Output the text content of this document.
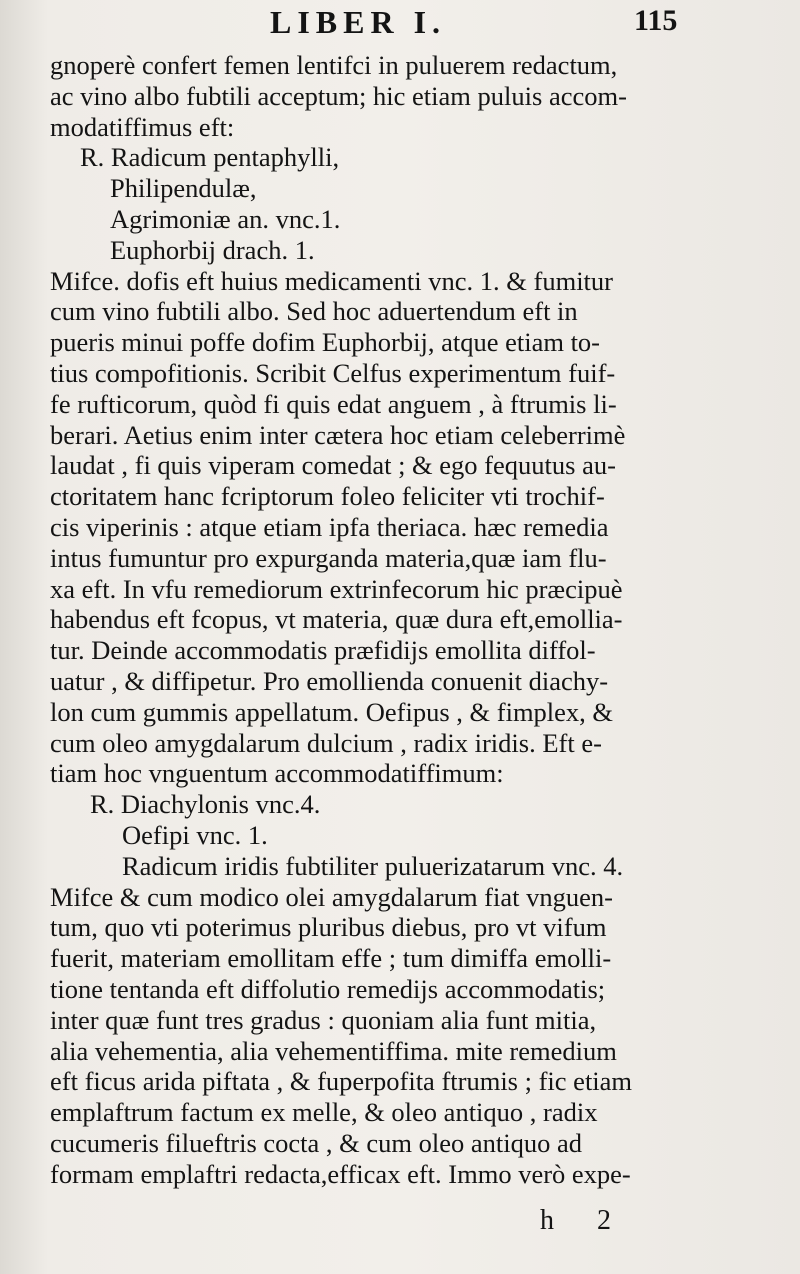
LIBER I.	115
gnoperè confert femen lentifci in puluerem redactum,
ac vino albo fubtili acceptum; hic etiam puluis accom-
modatiffimus eft:
R. Radicum pentaphylli,
Philipendulæ,
Agrimoniæ an. vnc.1.
Euphorbij drach. 1.
Mifce. dofis eft huius medicamenti vnc. 1. & fumitur
cum vino fubtili albo. Sed hoc aduertendum eft in
pueris minui poffe dofim Euphorbij, atque etiam to-
tius compofitionis. Scribit Celfus experimentum fuif-
fe rufticorum, quòd fi quis edat anguem , à ftrumis li-
berari. Aetius enim inter cætera hoc etiam celeberrimè
laudat , fi quis viperam comedat ; & ego fequutus au-
ctoritatem hanc fcriptorum foleo feliciter vti trochif-
cis viperinis : atque etiam ipfa theriaca. hæc remedia
intus fumuntur pro expurganda materia,quæ iam flu-
xa eft. In vfu remediorum extrinfecorum hic præcipuè
habendus eft fcopus, vt materia, quæ dura eft,emollia-
tur. Deinde accommodatis præfidijs emollita diffol-
uatur , & diffipetur. Pro emollienda conuenit diachy-
lon cum gummis appellatum. Oefipus , & fimplex, &
cum oleo amygdalarum dulcium , radix iridis. Eft e-
tiam hoc vnguentum accommodatiffimum:
R. Diachylonis vnc.4.
Oefipi vnc. 1.
Radicum iridis fubtiliter puluerizatarum vnc. 4.
Mifce & cum modico olei amygdalarum fiat vnguen-
tum, quo vti poterimus pluribus diebus, pro vt vifum
fuerit, materiam emollitam effe ; tum dimiffa emolli-
tione tentanda eft diffolutio remedijs accommodatis;
inter quæ funt tres gradus : quoniam alia funt mitia,
alia vehementia, alia vehementiffima. mite remedium
eft ficus arida piftata , & fuperpofita ftrumis ; fic etiam
emplaftrum factum ex melle, & oleo antiquo , radix
cucumeris filueftris cocta , & cum oleo antiquo ad
formam emplaftri redacta,efficax eft. Immo verò expe-
h 2
